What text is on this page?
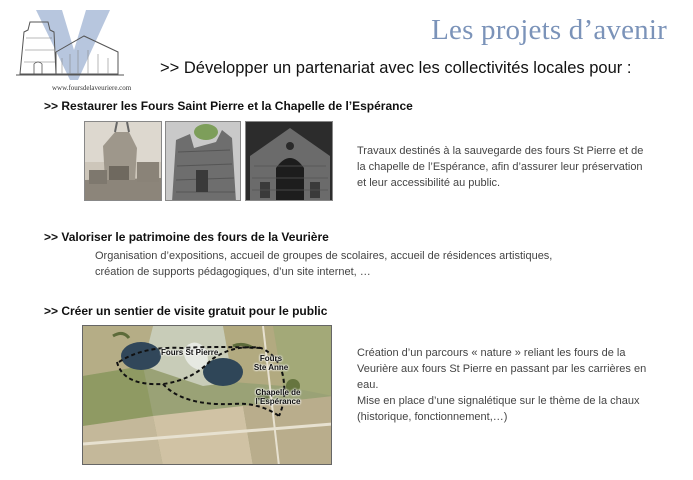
www.foursdelaveuriere.com
Les projets d’avenir
>> Développer un partenariat avec les collectivités locales pour :
>> Restaurer les Fours Saint Pierre et la Chapelle de l’Espérance
Travaux destinés à la sauvegarde des fours St Pierre et de la chapelle de l’Espérance, afin d’assurer leur préservation et leur accessibilité au public.
>> Valoriser le patrimoine des fours de la Veurière
Organisation d’expositions, accueil de groupes de scolaires, accueil de résidences artistiques, création de supports pédagogiques, d’un site internet, …
>> Créer un sentier de visite gratuit pour le public
Fours St Pierre
Fours Ste Anne
Chapelle de l’Espérance
Création d’un parcours « nature » reliant les fours de la Veurière aux fours St Pierre en passant par les carrières en eau.
Mise en place d’une signalétique sur le thème de la chaux (historique, fonctionnement,…)
